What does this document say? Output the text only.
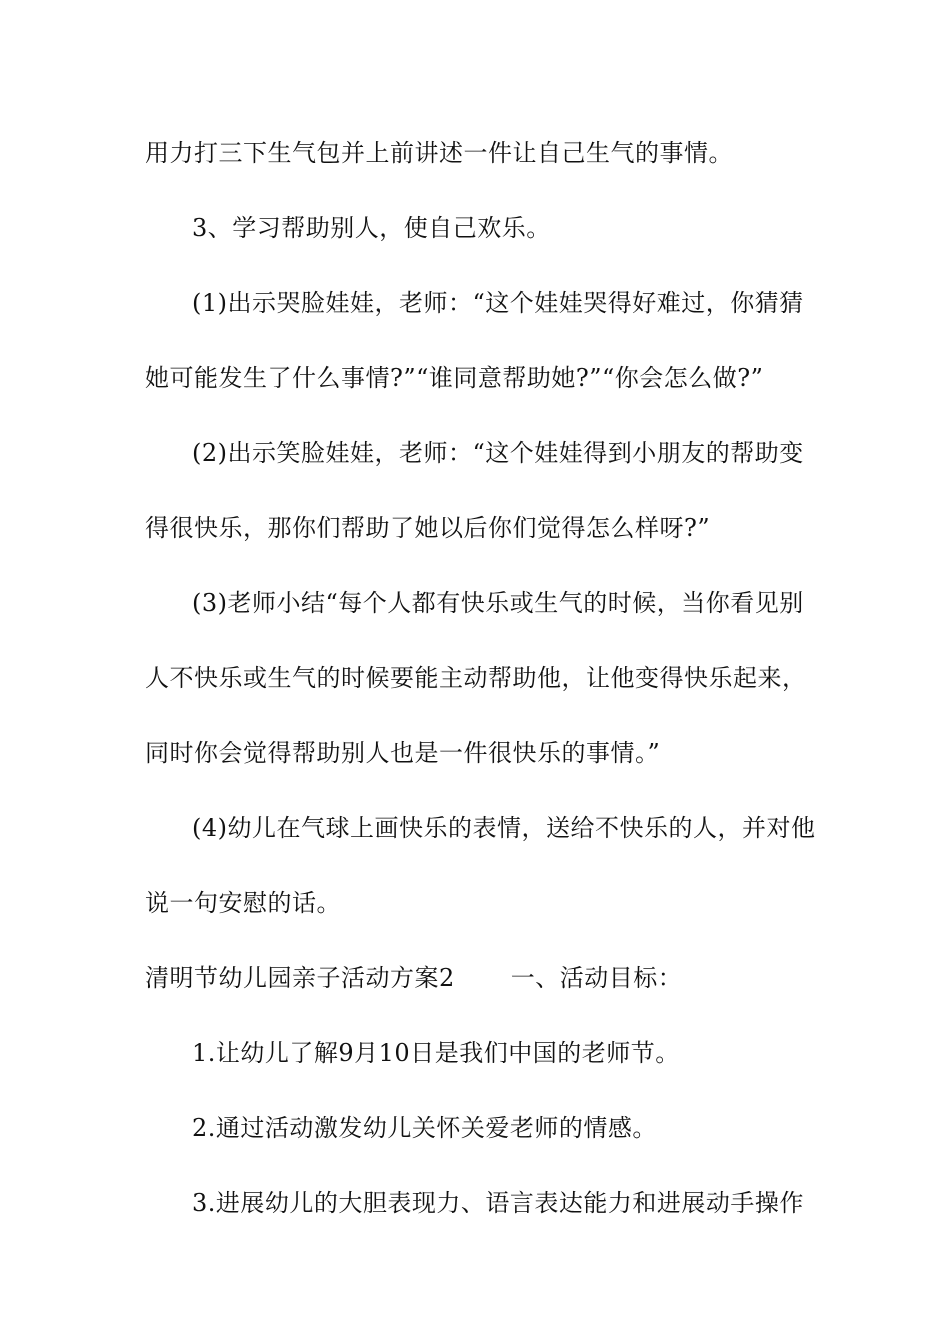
用力打三下生气包并上前讲述一件让自己生气的事情。
3、学习帮助别人，使自己欢乐。
(1)出示哭脸娃娃，老师：“这个娃娃哭得好难过，你猜猜
她可能发生了什么事情?”“谁同意帮助她?”“你会怎么做?”
(2)出示笑脸娃娃，老师：“这个娃娃得到小朋友的帮助变
得很快乐，那你们帮助了她以后你们觉得怎么样呀?”
(3)老师小结“每个人都有快乐或生气的时候，当你看见别
人不快乐或生气的时候要能主动帮助他，让他变得快乐起来，
同时你会觉得帮助别人也是一件很快乐的事情。”
(4)幼儿在气球上画快乐的表情，送给不快乐的人，并对他
说一句安慰的话。
清明节幼儿园亲子活动方案2 一、活动目标：
1.让幼儿了解9月10日是我们中国的老师节。
2.通过活动激发幼儿关怀关爱老师的情感。
3.进展幼儿的大胆表现力、语言表达能力和进展动手操作
